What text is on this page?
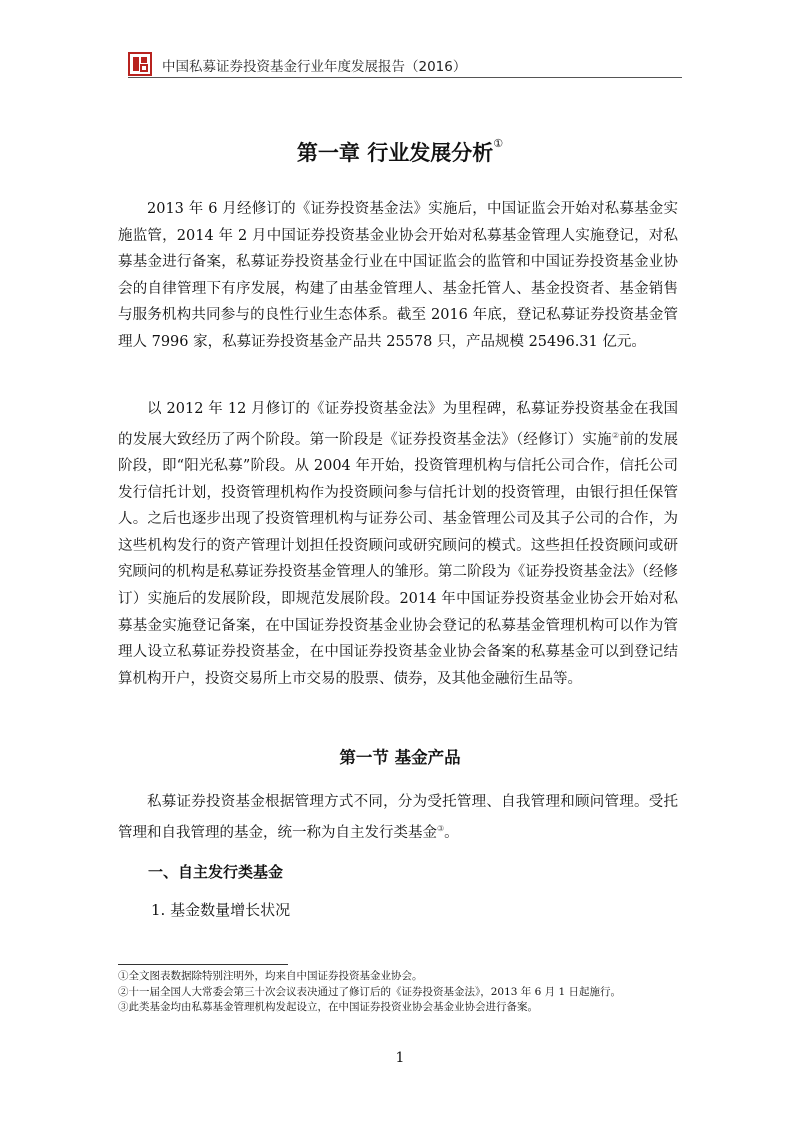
中国私募证券投资基金行业年度发展报告（2016）
第一章 行业发展分析①
2013 年 6 月经修订的《证券投资基金法》实施后，中国证监会开始对私募基金实施监管，2014 年 2 月中国证券投资基金业协会开始对私募基金管理人实施登记，对私募基金进行备案，私募证券投资基金行业在中国证监会的监管和中国证券投资基金业协会的自律管理下有序发展，构建了由基金管理人、基金托管人、基金投资者、基金销售与服务机构共同参与的良性行业生态体系。截至 2016 年底，登记私募证券投资基金管理人 7996 家，私募证券投资基金产品共 25578 只，产品规模 25496.31 亿元。
以 2012 年 12 月修订的《证券投资基金法》为里程碑，私募证券投资基金在我国的发展大致经历了两个阶段。第一阶段是《证券投资基金法》（经修订）实施②前的发展阶段，即“阳光私募”阶段。从 2004 年开始，投资管理机构与信托公司合作，信托公司发行信托计划，投资管理机构作为投资顾问参与信托计划的投资管理，由银行担任保管人。之后也逐步出现了投资管理机构与证券公司、基金管理公司及其子公司的合作，为这些机构发行的资产管理计划担任投资顾问或研究顾问的模式。这些担任投资顾问或研究顾问的机构是私募证券投资基金管理人的雏形。第二阶段为《证券投资基金法》（经修订）实施后的发展阶段，即规范发展阶段。2014 年中国证券投资基金业协会开始对私募基金实施登记备案，在中国证券投资基金业协会登记的私募基金管理机构可以作为管理人设立私募证券投资基金，在中国证券投资基金业协会备案的私募基金可以到登记结算机构开户，投资交易所上市交易的股票、债券，及其他金融衍生品等。
第一节 基金产品
私募证券投资基金根据管理方式不同，分为受托管理、自我管理和顾问管理。受托管理和自我管理的基金，统一称为自主发行类基金③。
一、自主发行类基金
1. 基金数量增长状况
①全文图表数据除特别注明外，均来自中国证券投资基金业协会。
②十一届全国人大常委会第三十次会议表决通过了修订后的《证券投资基金法》，2013 年 6 月 1 日起施行。
③此类基金均由私募基金管理机构发起设立，在中国证券投资业协会基金业协会进行备案。
1
